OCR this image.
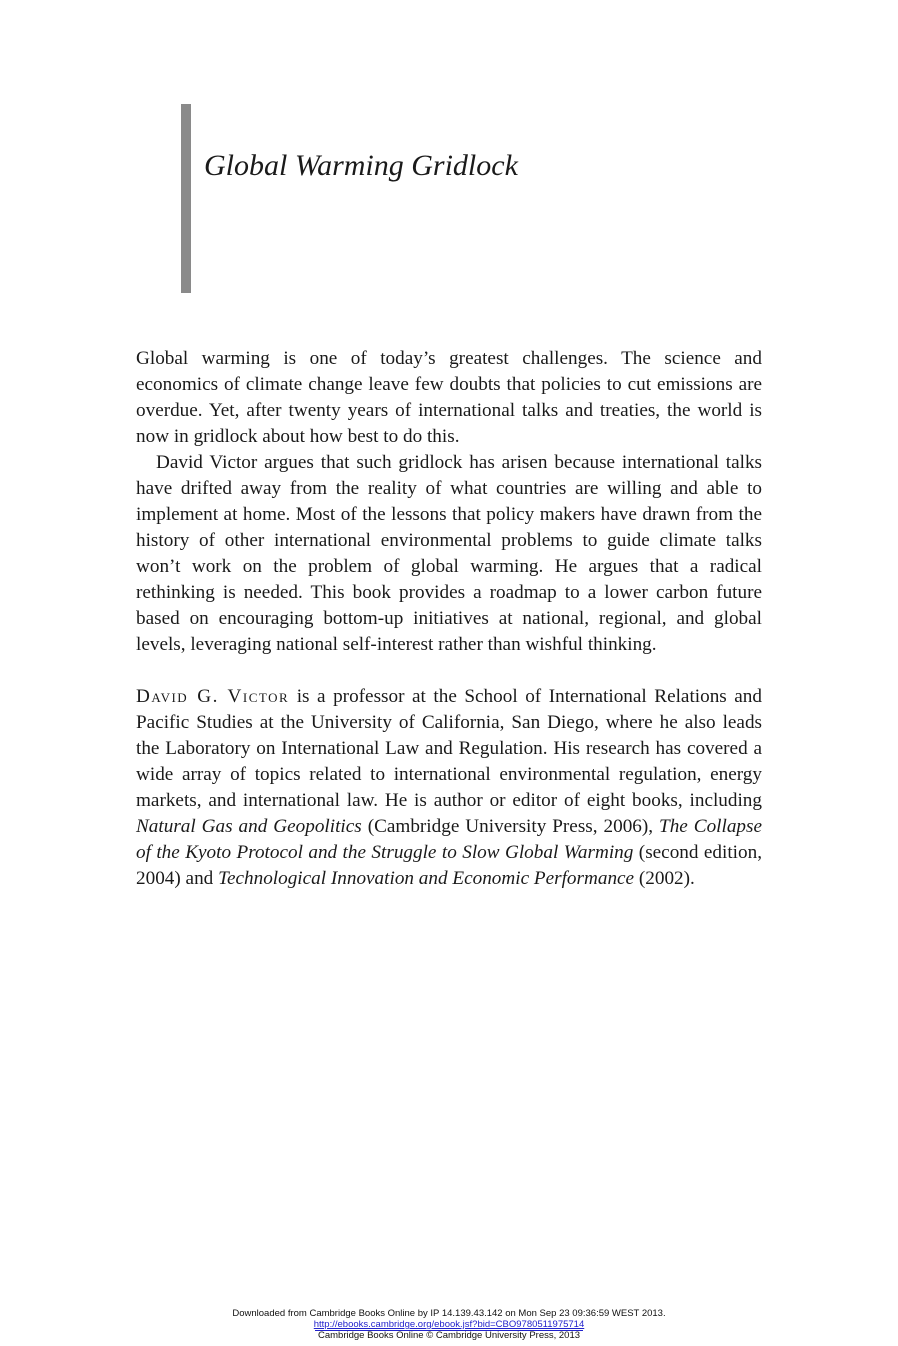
Global Warming Gridlock

Global warming is one of today’s greatest challenges. The science and economics of climate change leave few doubts that policies to cut emissions are overdue. Yet, after twenty years of international talks and treaties, the world is now in gridlock about how best to do this.

David Victor argues that such gridlock has arisen because international talks have drifted away from the reality of what countries are willing and able to implement at home. Most of the lessons that policy makers have drawn from the history of other international environmental problems to guide climate talks won’t work on the problem of global warming. He argues that a radical rethinking is needed. This book provides a roadmap to a lower carbon future based on encouraging bottom-up initiatives at national, regional, and global levels, leveraging national self-interest rather than wishful thinking.

David G. Victor is a professor at the School of International Relations and Pacific Studies at the University of California, San Diego, where he also leads the Laboratory on International Law and Regulation. His research has covered a wide array of topics related to international environmental regulation, energy markets, and international law. He is author or editor of eight books, including Natural Gas and Geopolitics (Cambridge University Press, 2006), The Collapse of the Kyoto Protocol and the Struggle to Slow Global Warming (second edition, 2004) and Technological Innovation and Economic Performance (2002).

Downloaded from Cambridge Books Online by IP 14.139.43.142 on Mon Sep 23 09:36:59 WEST 2013.
http://ebooks.cambridge.org/ebook.jsf?bid=CBO9780511975714
Cambridge Books Online © Cambridge University Press, 2013
